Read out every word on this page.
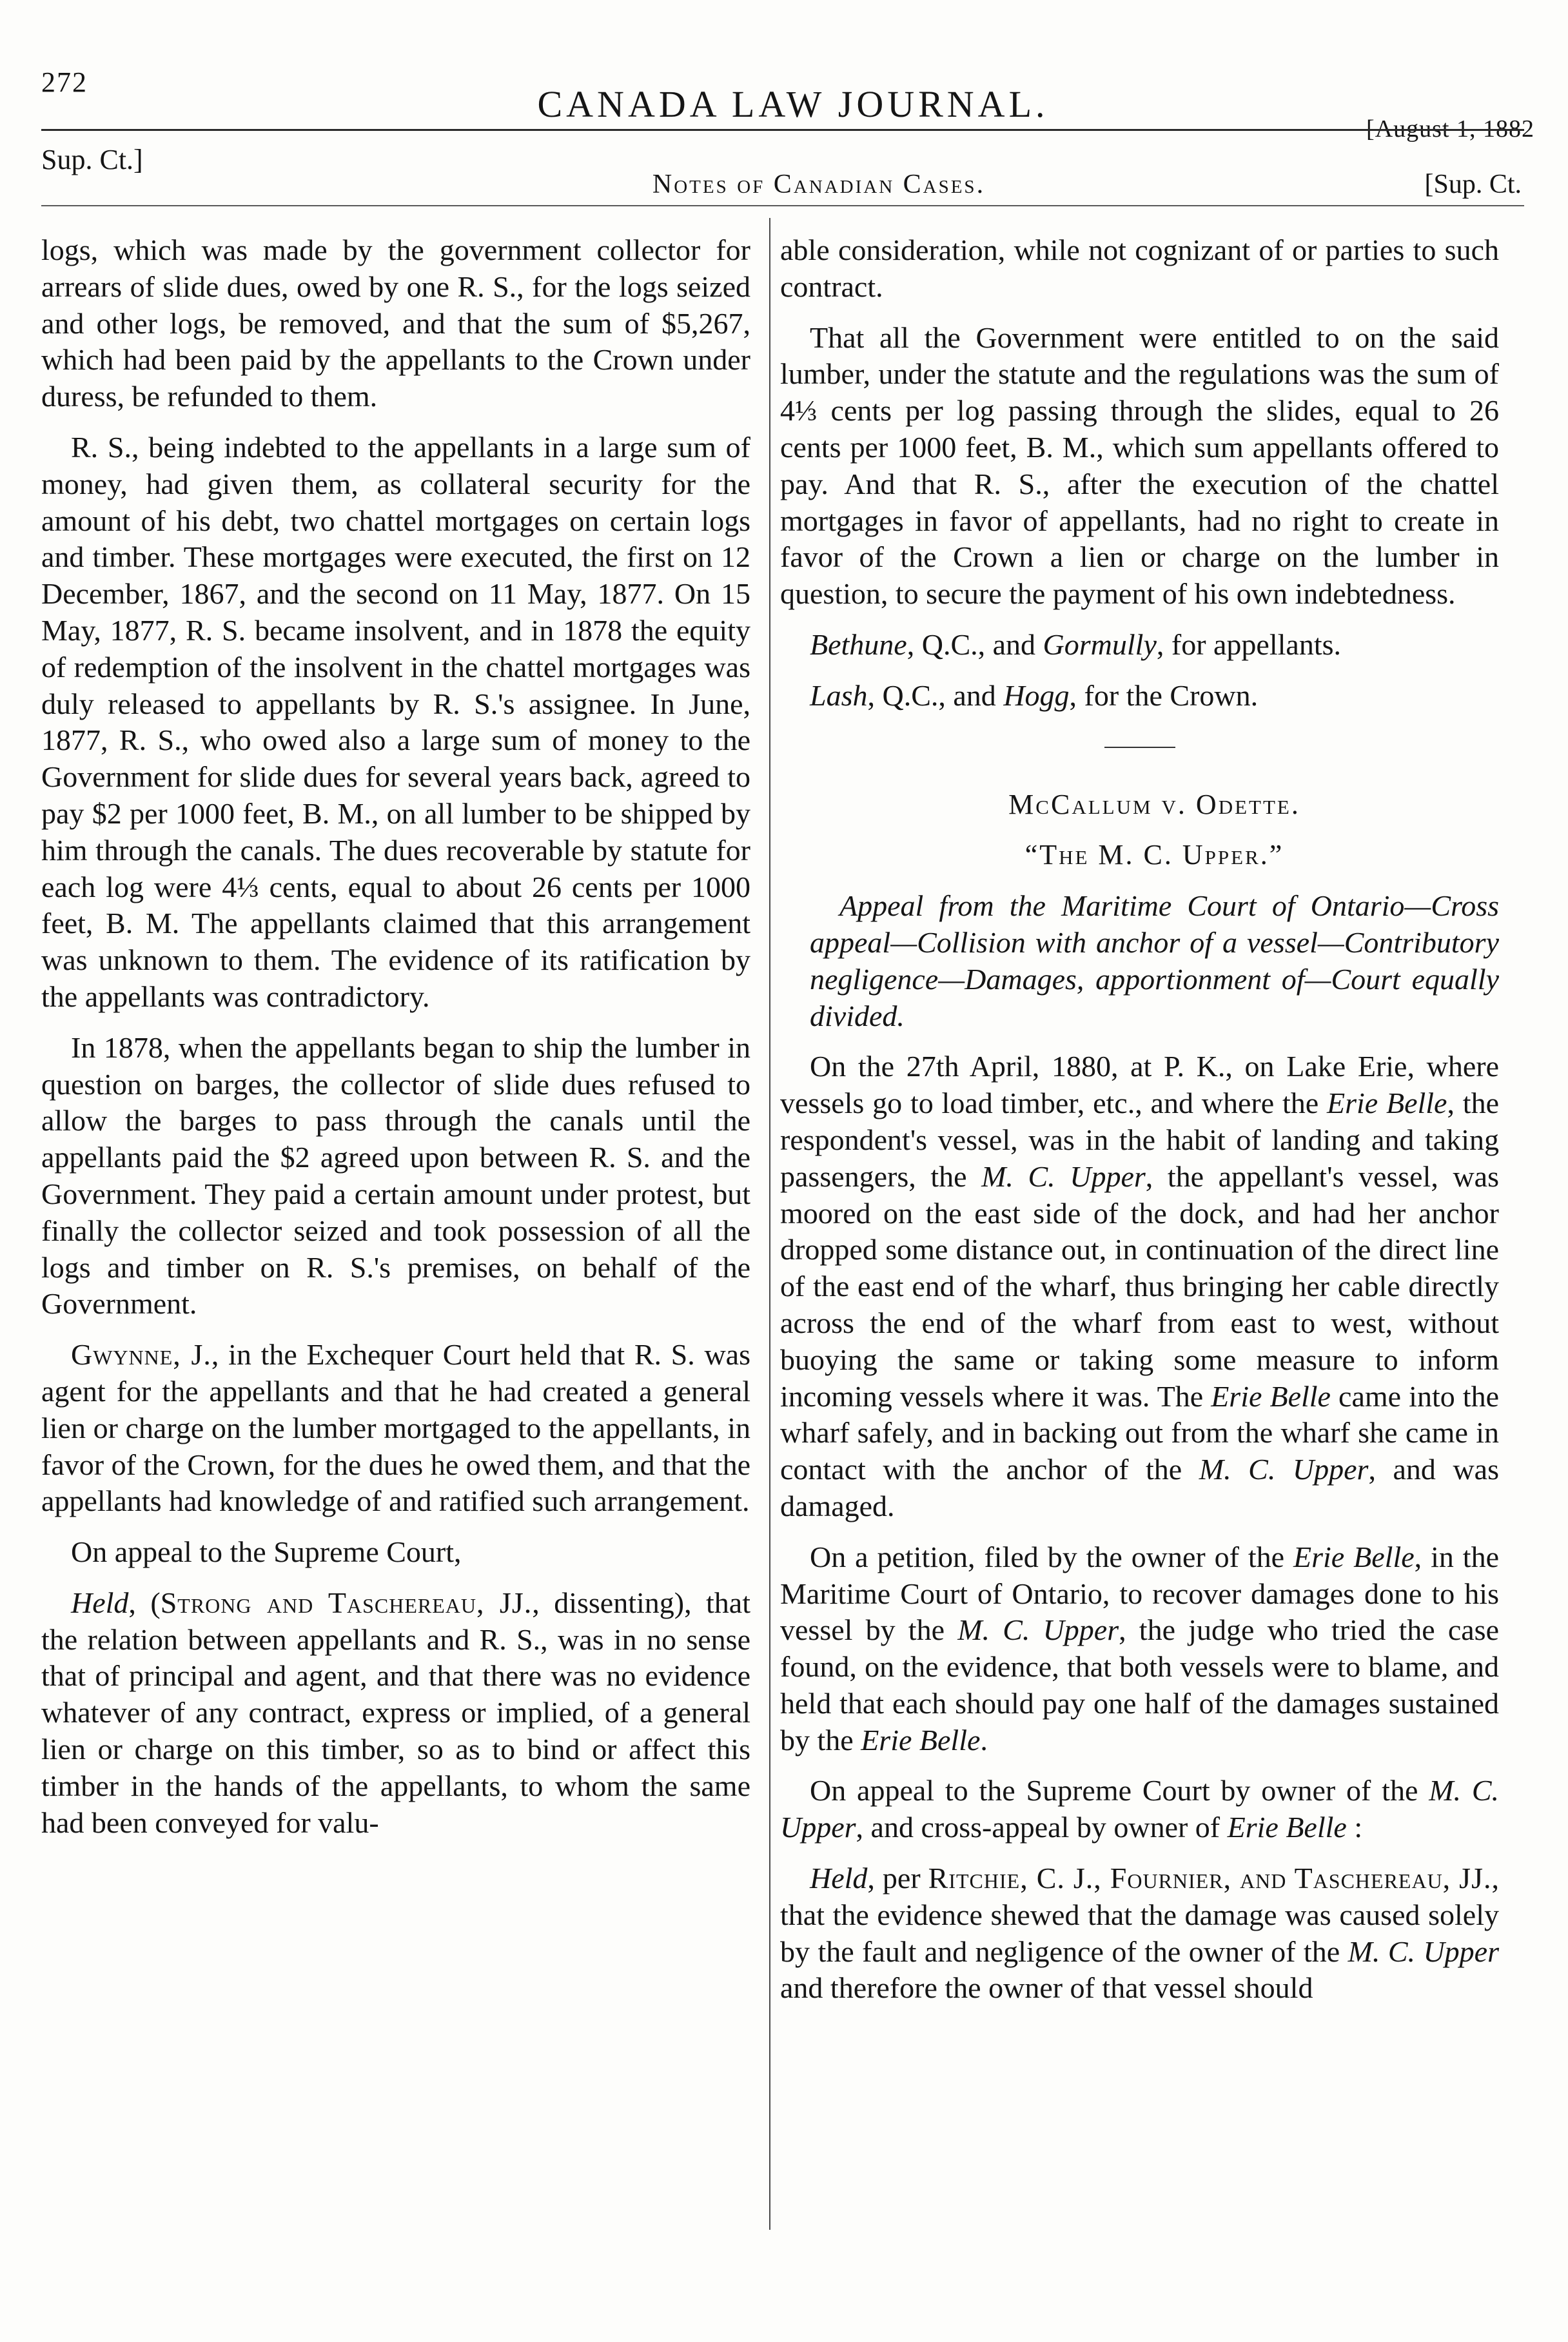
272
CANADA LAW JOURNAL.
[August 1, 1882
Sup. Ct.]
Notes of Canadian Cases.	[Sup. Ct.

logs, which was made by the government collector for arrears of slide dues, owed by one R. S., for the logs seized and other logs, be removed, and that the sum of $5,267, which had been paid by the appellants to the Crown under duress, be refunded to them.

R. S., being indebted to the appellants in a large sum of money, had given them, as collateral security for the amount of his debt, two chattel mortgages on certain logs and timber. These mortgages were executed, the first on 12 December, 1867, and the second on 11 May, 1877. On 15 May, 1877, R. S. became insolvent, and in 1878 the equity of redemption of the insolvent in the chattel mortgages was duly released to appellants by R. S.'s assignee. In June, 1877, R. S., who owed also a large sum of money to the Government for slide dues for several years back, agreed to pay $2 per 1000 feet, B. M., on all lumber to be shipped by him through the canals. The dues recoverable by statute for each log were 4⅓ cents, equal to about 26 cents per 1000 feet, B. M. The appellants claimed that this arrangement was unknown to them. The evidence of its ratification by the appellants was contradictory.

In 1878, when the appellants began to ship the lumber in question on barges, the collector of slide dues refused to allow the barges to pass through the canals until the appellants paid the $2 agreed upon between R. S. and the Government. They paid a certain amount under protest, but finally the collector seized and took possession of all the logs and timber on R. S.'s premises, on behalf of the Government.

Gwynne, J., in the Exchequer Court held that R. S. was agent for the appellants and that he had created a general lien or charge on the lumber mortgaged to the appellants, in favor of the Crown, for the dues he owed them, and that the appellants had knowledge of and ratified such arrangement.

On appeal to the Supreme Court,

Held, (Strong and Taschereau, JJ., dissenting), that the relation between appellants and R. S., was in no sense that of principal and agent, and that there was no evidence whatever of any contract, express or implied, of a general lien or charge on this timber, so as to bind or affect this timber in the hands of the appellants, to whom the same had been conveyed for valu-

able consideration, while not cognizant of or parties to such contract.

That all the Government were entitled to on the said lumber, under the statute and the regulations was the sum of 4⅓ cents per log passing through the slides, equal to 26 cents per 1000 feet, B. M., which sum appellants offered to pay. And that R. S., after the execution of the chattel mortgages in favor of appellants, had no right to create in favor of the Crown a lien or charge on the lumber in question, to secure the payment of his own indebtedness.

Bethune, Q.C., and Gormully, for appellants.

Lash, Q.C., and Hogg, for the Crown.

McCallum v. Odette.

“The M. C. Upper.”

Appeal from the Maritime Court of Ontario—Cross appeal—Collision with anchor of a vessel—Contributory negligence—Damages, apportionment of—Court equally divided.

On the 27th April, 1880, at P. K., on Lake Erie, where vessels go to load timber, etc., and where the Erie Belle, the respondent's vessel, was in the habit of landing and taking passengers, the M. C. Upper, the appellant's vessel, was moored on the east side of the dock, and had her anchor dropped some distance out, in continuation of the direct line of the east end of the wharf, thus bringing her cable directly across the end of the wharf from east to west, without buoying the same or taking some measure to inform incoming vessels where it was. The Erie Belle came into the wharf safely, and in backing out from the wharf she came in contact with the anchor of the M. C. Upper, and was damaged.

On a petition, filed by the owner of the Erie Belle, in the Maritime Court of Ontario, to recover damages done to his vessel by the M. C. Upper, the judge who tried the case found, on the evidence, that both vessels were to blame, and held that each should pay one half of the damages sustained by the Erie Belle.

On appeal to the Supreme Court by owner of the M. C. Upper, and cross-appeal by owner of Erie Belle :

Held, per Ritchie, C. J., Fournier, and Taschereau, JJ., that the evidence shewed that the damage was caused solely by the fault and negligence of the owner of the M. C. Upper and therefore the owner of that vessel should
